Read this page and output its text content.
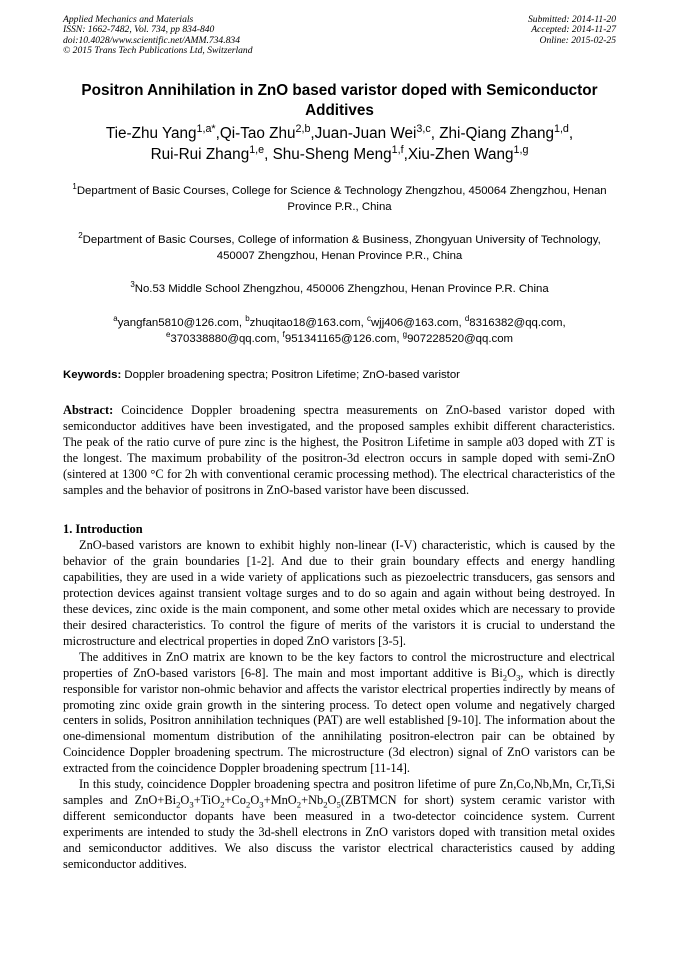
Applied Mechanics and Materials
ISSN: 1662-7482, Vol. 734, pp 834-840
doi:10.4028/www.scientific.net/AMM.734.834
© 2015 Trans Tech Publications Ltd, Switzerland
Submitted: 2014-11-20
Accepted: 2014-11-27
Online: 2015-02-25
Positron Annihilation in ZnO based varistor doped with Semiconductor Additives
Tie-Zhu Yang$^{1,a*}$,Qi-Tao Zhu$^{2,b}$,Juan-Juan Wei$^{3,c}$, Zhi-Qiang Zhang$^{1,d}$,
Rui-Rui Zhang$^{1,e}$, Shu-Sheng Meng$^{1,f}$,Xiu-Zhen Wang$^{1,g}$
$^1$Department of Basic Courses, College for Science & Technology Zhengzhou, 450064 Zhengzhou, Henan Province P.R., China
$^2$Department of Basic Courses, College of information & Business, Zhongyuan University of Technology, 450007 Zhengzhou, Henan Province P.R., China
$^3$No.53 Middle School Zhengzhou, 450006 Zhengzhou, Henan Province P.R. China
$^a$yangfan5810@126.com, $^b$zhuqitao18@163.com, $^c$wjj406@163.com, $^d$8316382@qq.com,
$^e$370338880@qq.com, $^f$951341165@126.com, $^g$907228520@qq.com
Keywords: Doppler broadening spectra; Positron Lifetime; ZnO-based varistor
Abstract: Coincidence Doppler broadening spectra measurements on ZnO-based varistor doped with semiconductor additives have been investigated, and the proposed samples exhibit different characteristics. The peak of the ratio curve of pure zinc is the highest, the Positron Lifetime in sample a03 doped with ZT is the longest. The maximum probability of the positron-3d electron occurs in sample doped with semi-ZnO (sintered at 1300 °C for 2h with conventional ceramic processing method). The electrical characteristics of the samples and the behavior of positrons in ZnO-based varistor have been discussed.
1. Introduction

ZnO-based varistors are known to exhibit highly non-linear (I-V) characteristic, which is caused by the behavior of the grain boundaries [1-2]. And due to their grain boundary effects and energy handling capabilities, they are used in a wide variety of applications such as piezoelectric transducers, gas sensors and protection devices against transient voltage surges and to do so again and again without being destroyed. In these devices, zinc oxide is the main component, and some other metal oxides which are necessary to provide their desired characteristics. To control the figure of merits of the varistors it is crucial to understand the microstructure and electrical properties in doped ZnO varistors [3-5].

The additives in ZnO matrix are known to be the key factors to control the microstructure and electrical properties of ZnO-based varistors [6-8]. The main and most important additive is $Bi_2O_3$, which is directly responsible for varistor non-ohmic behavior and affects the varistor electrical properties indirectly by means of promoting zinc oxide grain growth in the sintering process. To detect open volume and negatively charged centers in solids, Positron annihilation techniques (PAT) are well established [9-10]. The information about the one-dimensional momentum distribution of the annihilating positron-electron pair can be obtained by Coincidence Doppler broadening spectrum. The microstructure (3d electron) signal of ZnO varistors can be extracted from the coincidence Doppler broadening spectrum [11-14].

In this study, coincidence Doppler broadening spectra and positron lifetime of pure Zn,Co,Nb,Mn, Cr,Ti,Si samples and $ZnO+Bi_2O_3+TiO_2+Co_2O_3+MnO_2+Nb_2O_5(ZBTMCN$ for short) system ceramic varistor with different semiconductor dopants have been measured in a two-detector coincidence system. Current experiments are intended to study the 3d-shell electrons in ZnO varistors doped with transition metal oxides and semiconductor additives. We also discuss the varistor electrical characteristics caused by adding semiconductor additives.
